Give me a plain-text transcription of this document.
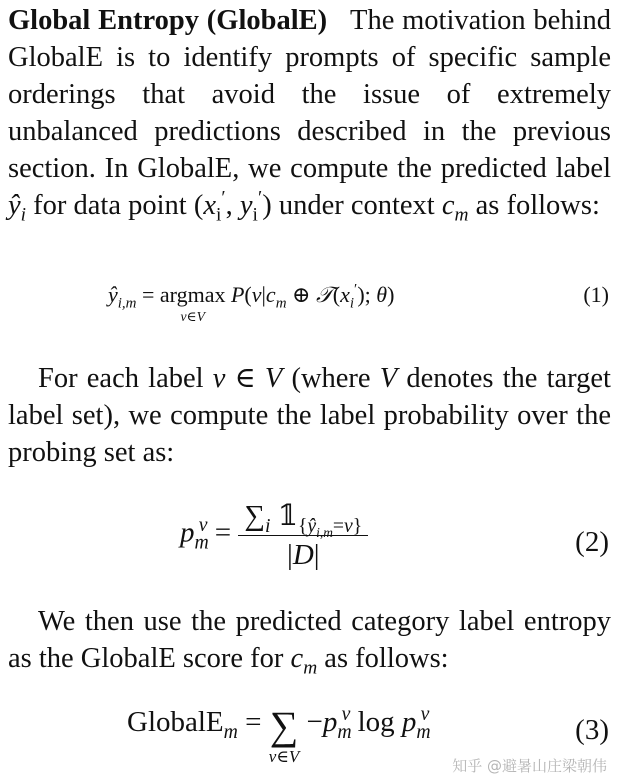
Global Entropy (GlobalE) The motivation behind GlobalE is to identify prompts of specific sample orderings that avoid the issue of extremely unbalanced predictions described in the previous section. In GlobalE, we compute the predicted label $ŷ_i$ for data point ($x_i'$, $y_i'$) under context $c_m$ as follows:
$ŷ_{i,m} = argmax$
v∈V
$P(v|c_m$ ⊕ $𝒯(x_i')$; θ)	(1)
For each label v ∈ V (where V denotes the target label set), we compute the label probability over the probing set as:
$p_m^v = \frac{\sum_i 𝟙_{\{ŷ_{i,m}=v\}}}{|D|}$	(2)
We then use the predicted category label entropy as the GlobalE score for $c_m$ as follows:
GlobalE$_m$ = ∑
v∈V
$-p_m^v$ $\log p_m^v$	(3)
知乎 @避暑山庄梁朝伟
